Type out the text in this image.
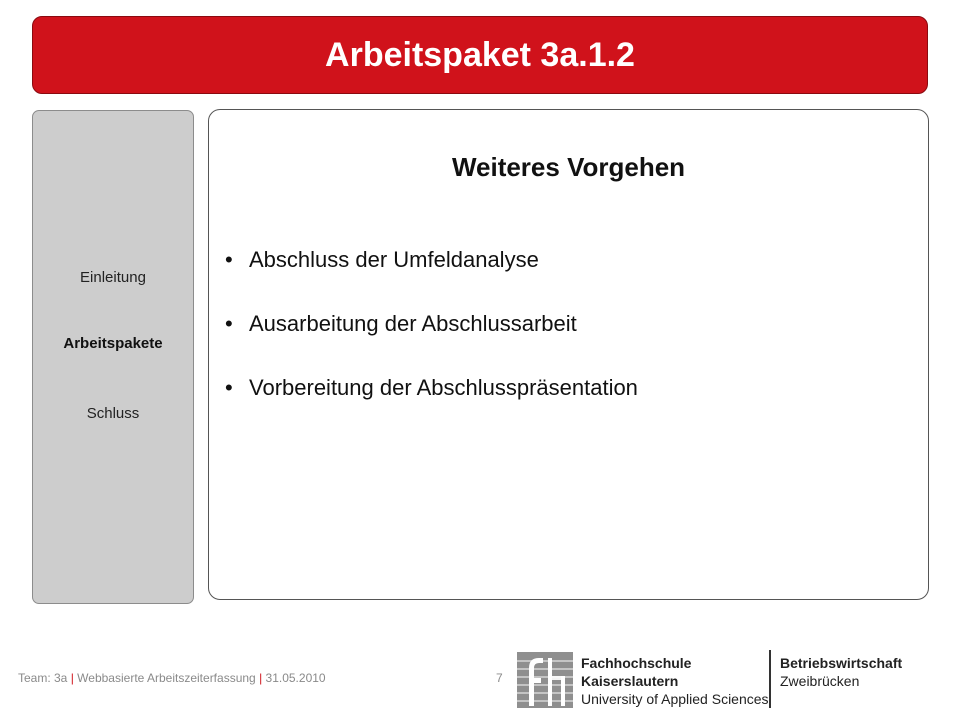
Arbeitspaket 3a.1.2
Einleitung
Arbeitspakete
Schluss
Weiteres Vorgehen
• Abschluss der Umfeldanalyse
• Ausarbeitung der Abschlussarbeit
• Vorbereitung der Abschlusspräsentation
Team: 3a | Webbasierte Arbeitszeiterfassung | 31.05.2010	7
Fachhochschule
Kaiserslautern
University of Applied Sciences
Betriebswirtschaft
Zweibrücken
